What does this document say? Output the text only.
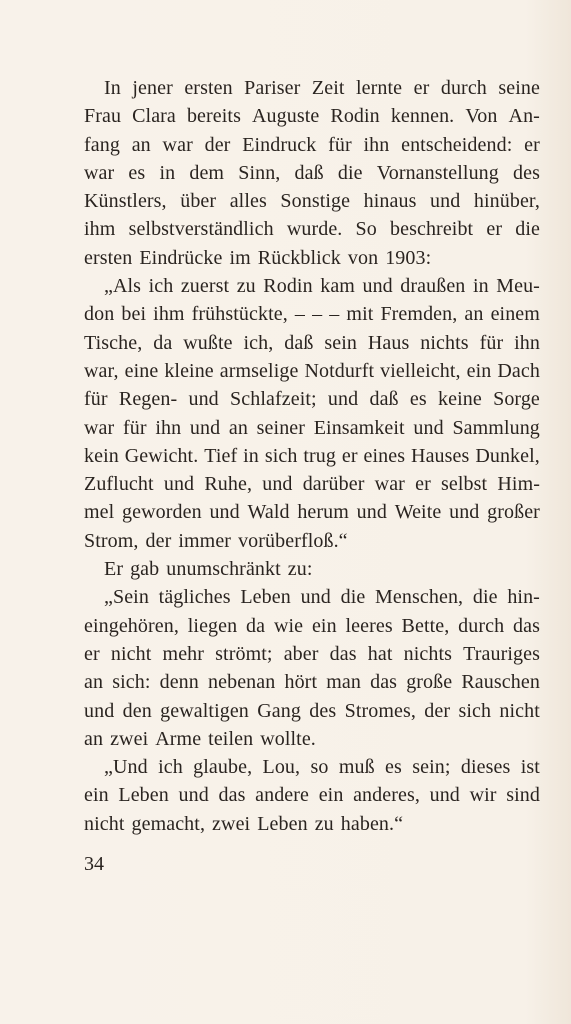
In jener ersten Pariser Zeit lernte er durch seine
Frau Clara bereits Auguste Rodin kennen. Von An-
fang an war der Eindruck für ihn entscheidend: er
war es in dem Sinn, daß die Vornanstellung des
Künstlers, über alles Sonstige hinaus und hinüber,
ihm selbstverständlich wurde. So beschreibt er die
ersten Eindrücke im Rückblick von 1903:
„Als ich zuerst zu Rodin kam und draußen in Meu-
don bei ihm frühstückte, – – – mit Fremden, an einem
Tische, da wußte ich, daß sein Haus nichts für ihn
war, eine kleine armselige Notdurft vielleicht, ein Dach
für Regen- und Schlafzeit; und daß es keine Sorge
war für ihn und an seiner Einsamkeit und Sammlung
kein Gewicht. Tief in sich trug er eines Hauses Dunkel,
Zuflucht und Ruhe, und darüber war er selbst Him-
mel geworden und Wald herum und Weite und großer
Strom, der immer vorüberfloß.“
Er gab unumschränkt zu:
„Sein tägliches Leben und die Menschen, die hin-
eingehören, liegen da wie ein leeres Bette, durch das
er nicht mehr strömt; aber das hat nichts Trauriges
an sich: denn nebenan hört man das große Rauschen
und den gewaltigen Gang des Stromes, der sich nicht
an zwei Arme teilen wollte.
„Und ich glaube, Lou, so muß es sein; dieses ist
ein Leben und das andere ein anderes, und wir sind
nicht gemacht, zwei Leben zu haben.“
34
